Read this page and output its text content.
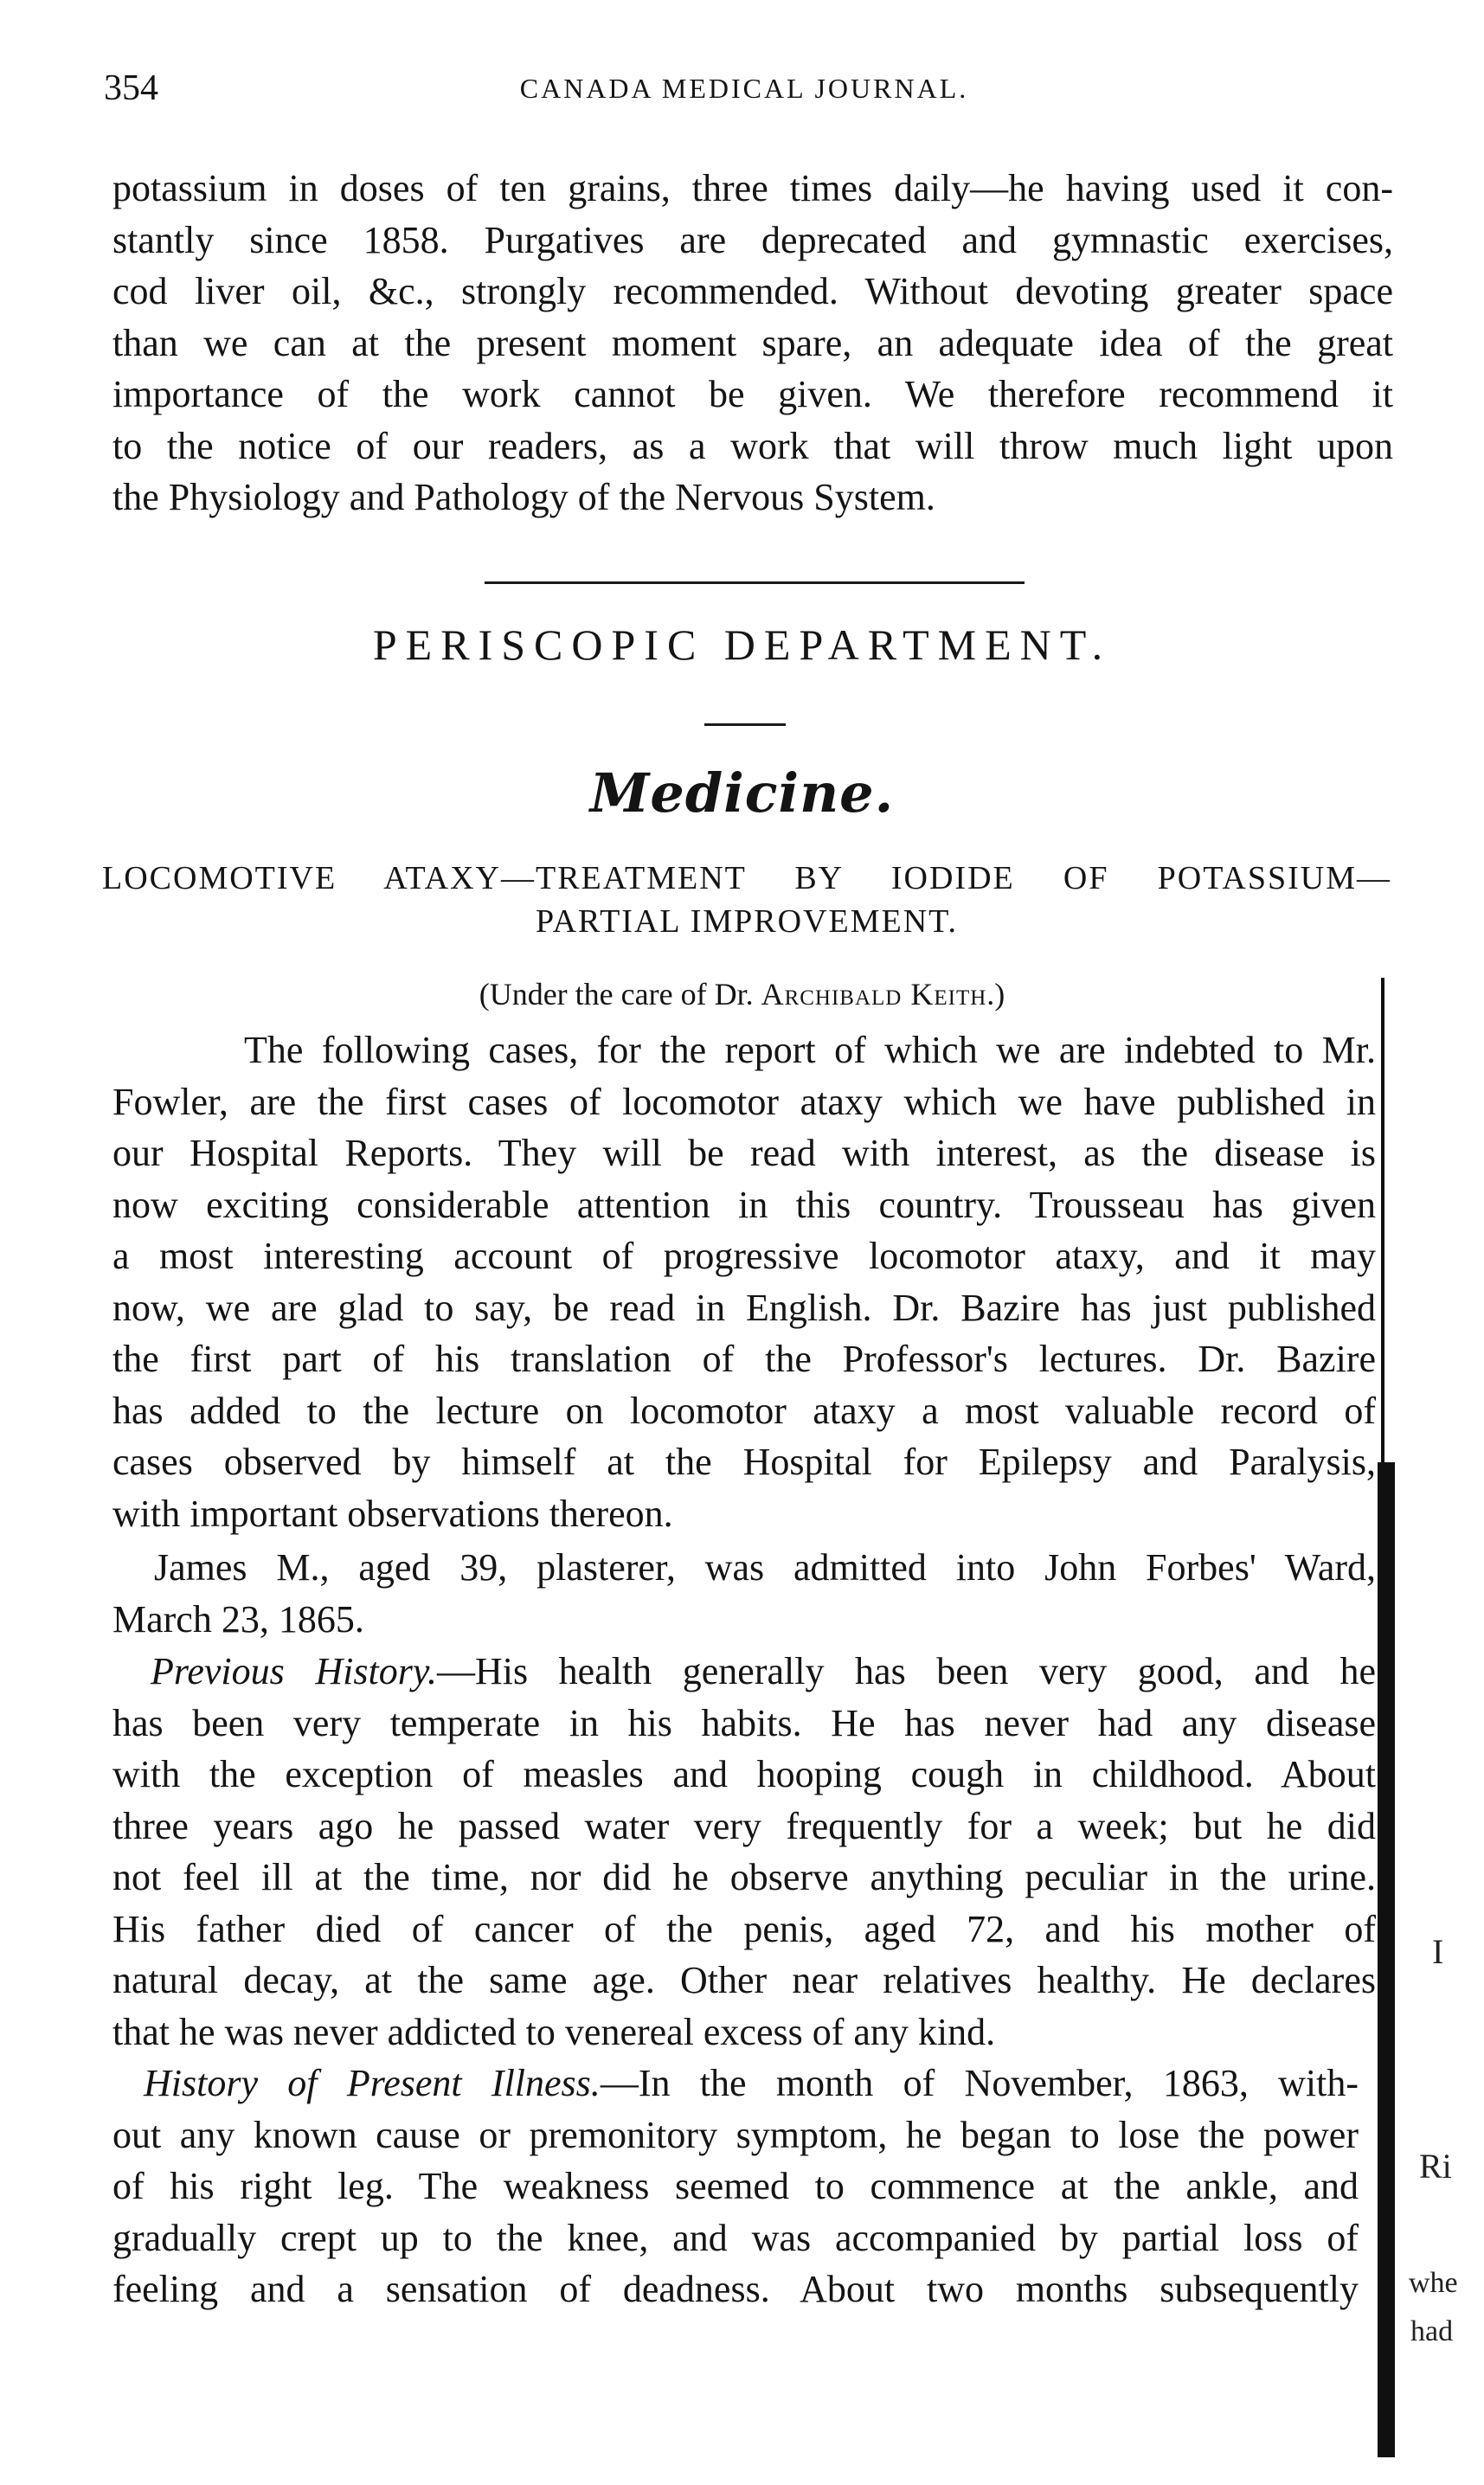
354	CANADA MEDICAL JOURNAL.
potassium in doses of ten grains, three times daily—he having used it con-
stantly since 1858. Purgatives are deprecated and gymnastic exercises,
cod liver oil, &c., strongly recommended. Without devoting greater space
than we can at the present moment spare, an adequate idea of the great
importance of the work cannot be given. We therefore recommend it
to the notice of our readers, as a work that will throw much light upon
the Physiology and Pathology of the Nervous System.
PERISCOPIC DEPARTMENT.
Medicine.
LOCOMOTIVE ATAXY—TREATMENT BY IODIDE OF POTASSIUM—
PARTIAL IMPROVEMENT.
(Under the care of Dr. Archibald Keith.)
The following cases, for the report of which we are indebted to Mr.
Fowler, are the first cases of locomotor ataxy which we have published in
our Hospital Reports. They will be read with interest, as the disease is
now exciting considerable attention in this country. Trousseau has given
a most interesting account of progressive locomotor ataxy, and it may
now, we are glad to say, be read in English. Dr. Bazire has just published
the first part of his translation of the Professor's lectures. Dr. Bazire
has added to the lecture on locomotor ataxy a most valuable record of
cases observed by himself at the Hospital for Epilepsy and Paralysis,
with important observations thereon.
James M., aged 39, plasterer, was admitted into John Forbes' Ward,
March 23, 1865.
Previous History.—His health generally has been very good, and he
has been very temperate in his habits. He has never had any disease
with the exception of measles and hooping cough in childhood. About
three years ago he passed water very frequently for a week; but he did
not feel ill at the time, nor did he observe anything peculiar in the urine.
His father died of cancer of the penis, aged 72, and his mother of
natural decay, at the same age. Other near relatives healthy. He declares
that he was never addicted to venereal excess of any kind.
History of Present Illness.—In the month of November, 1863, with-
out any known cause or premonitory symptom, he began to lose the power
of his right leg. The weakness seemed to commence at the ankle, and
gradually crept up to the knee, and was accompanied by partial loss of
feeling and a sensation of deadness. About two months subsequently
I
Ri
whe
had
